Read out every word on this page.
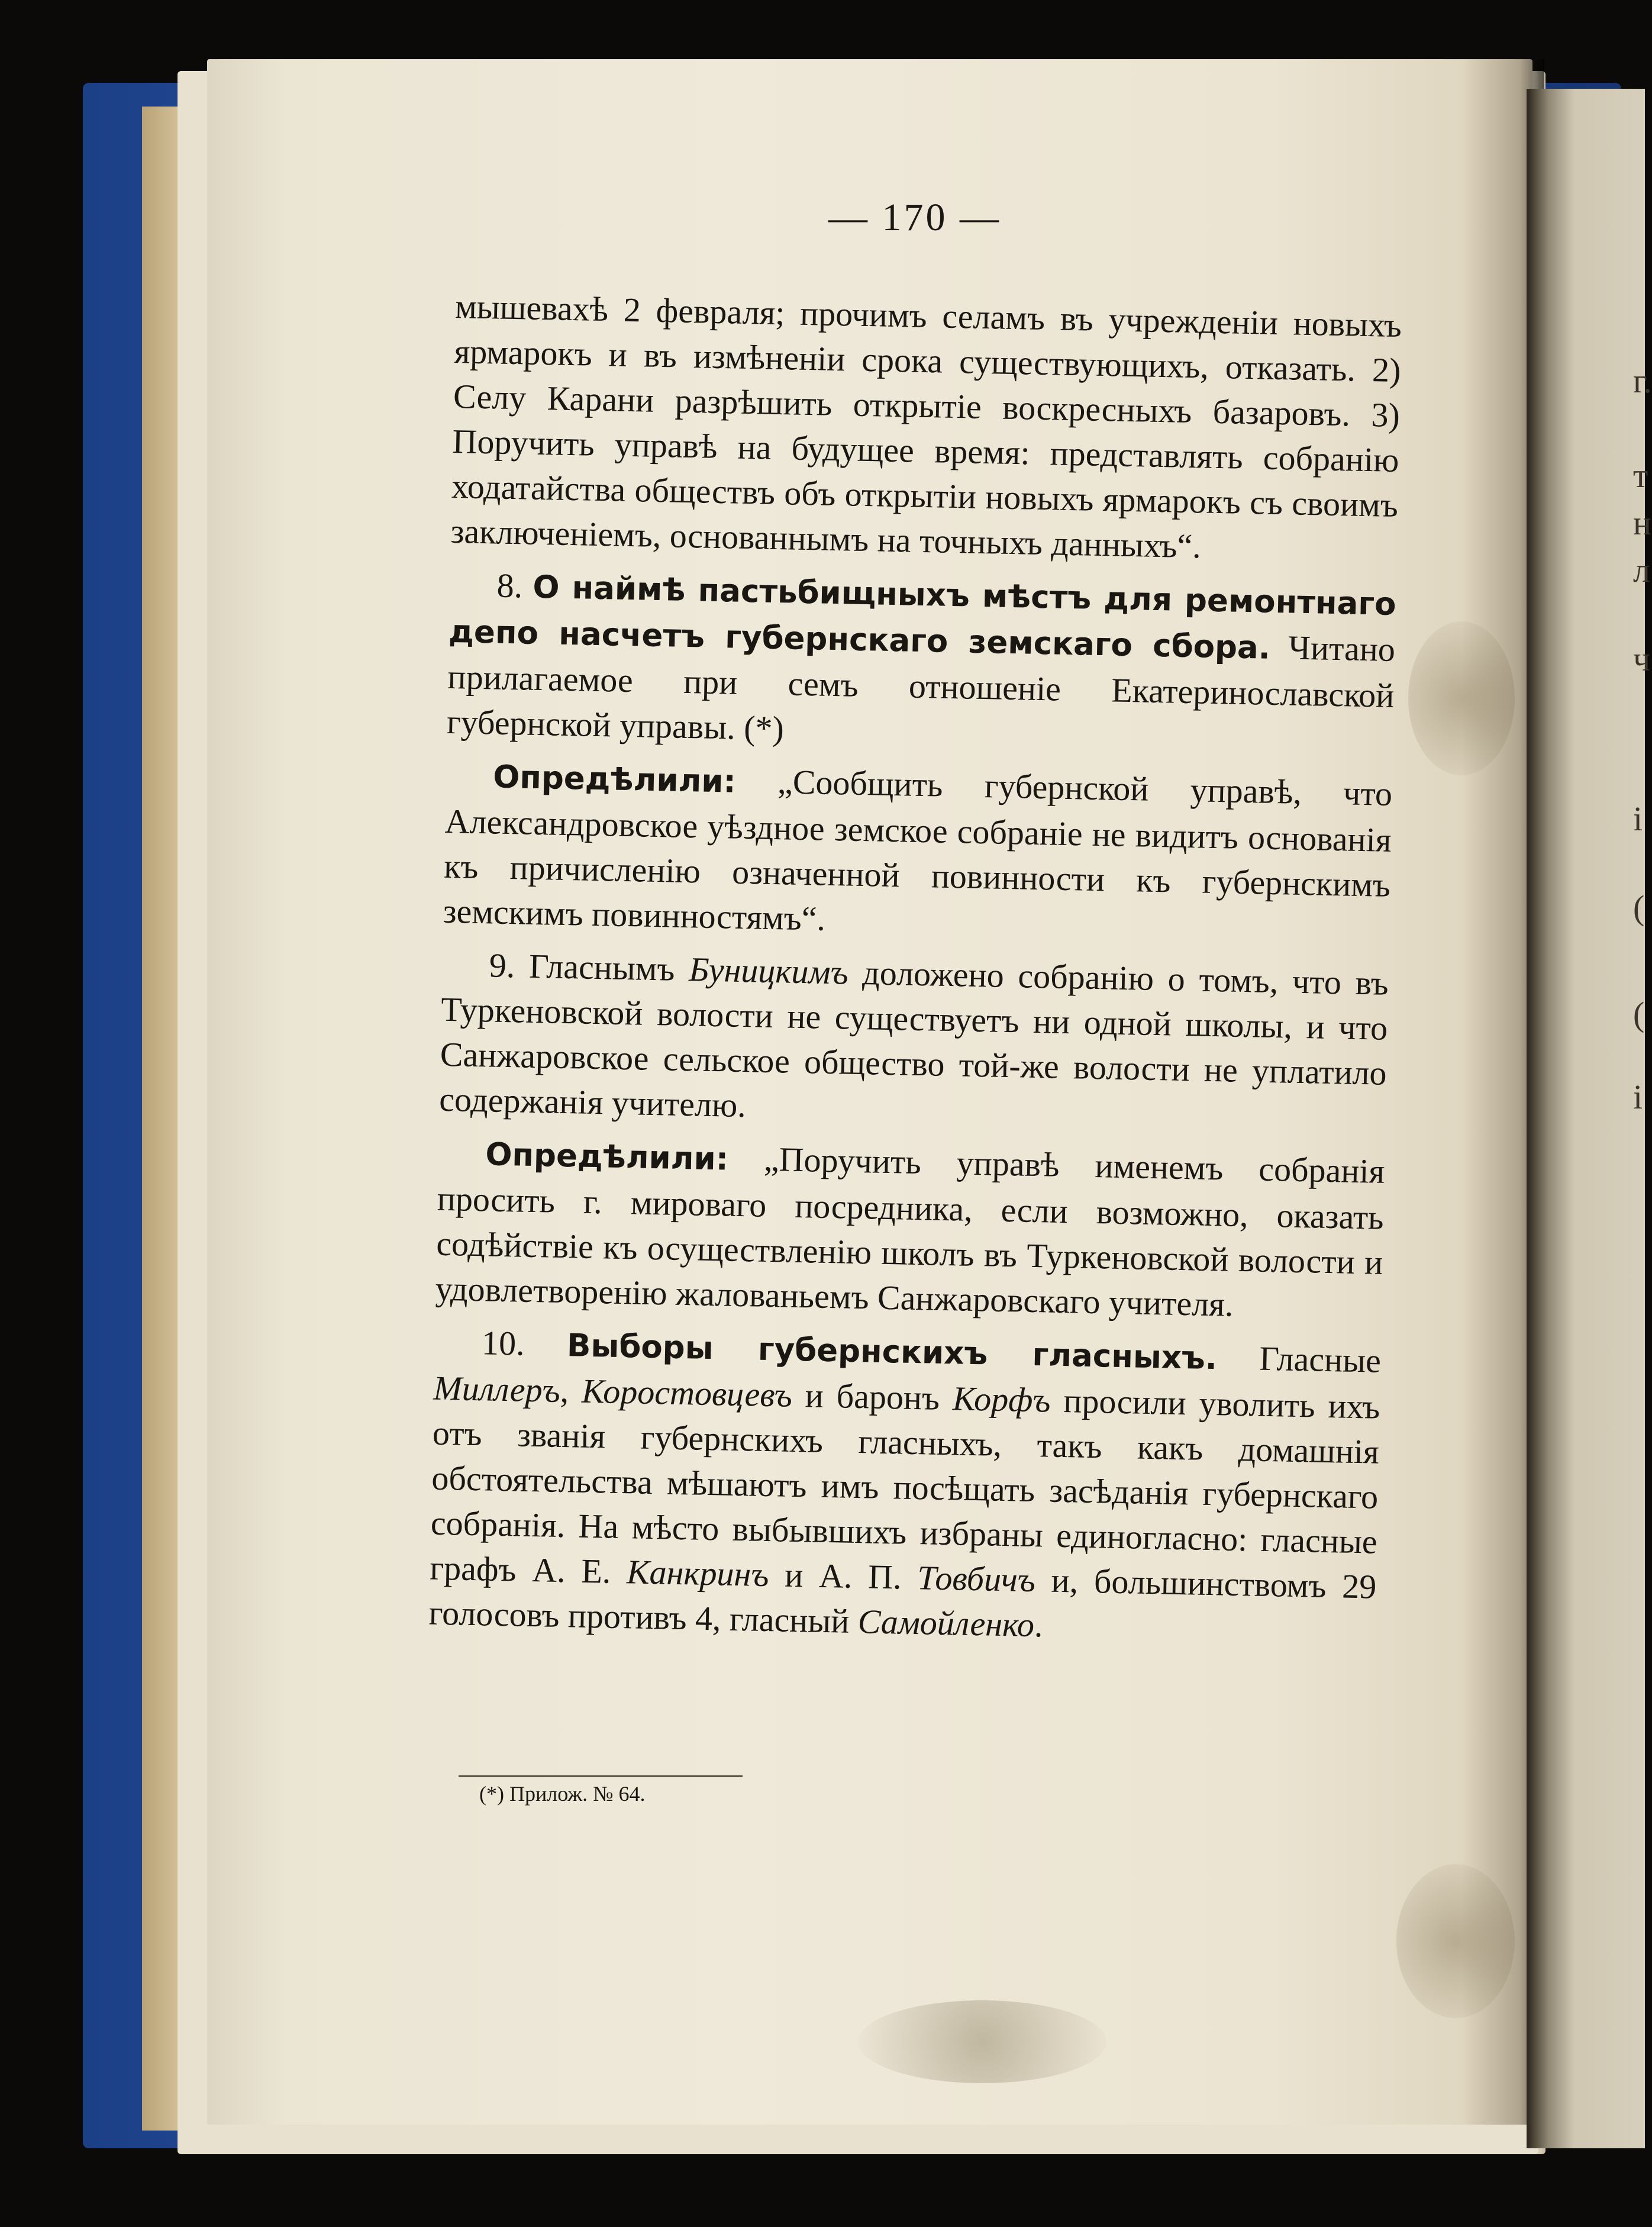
г.
т
н
л
ч
і
(
(
і
— 170 —

мышевахѣ 2 февраля; прочимъ селамъ въ учрежденіи новыхъ ярмарокъ и въ измѣненіи срока существующихъ, отказать. 2) Селу Карани разрѣшить открытіе воскресныхъ базаровъ. 3) Поручить управѣ на будущее время: представлять собранію ходатайства обществъ объ открытіи новыхъ ярмарокъ съ своимъ заключеніемъ, основаннымъ на точныхъ данныхъ“.

8. О наймѣ пастьбищныхъ мѣстъ для ремонтнаго депо насчетъ губернскаго земскаго сбора. Читано прилагаемое при семъ отношеніе Екатеринославской губернской управы. (*)

Опредѣлили: „Сообщить губернской управѣ, что Александровское уѣздное земское собраніе не видитъ основанія къ причисленію означенной повинности къ губернскимъ земскимъ повинностямъ“.

9. Гласнымъ Буницкимъ доложено собранію о томъ, что въ Туркеновской волости не существуетъ ни одной школы, и что Санжаровское сельское общество той-же волости не уплатило содержанія учителю.

Опредѣлили: „Поручить управѣ именемъ собранія просить г. мироваго посредника, если возможно, оказать содѣйствіе къ осуществленію школъ въ Туркеновской волости и удовлетворенію жалованьемъ Санжаровскаго учителя.

10. Выборы губернскихъ гласныхъ. Гласные Миллеръ, Коростовцевъ и баронъ Корфъ просили уволить ихъ отъ званія губернскихъ гласныхъ, такъ какъ домашнія обстоятельства мѣшаютъ имъ посѣщать засѣданія губернскаго собранія. На мѣсто выбывшихъ избраны единогласно: гласные графъ А. Е. Канкринъ и А. П. Товбичъ и, большинствомъ 29 голосовъ противъ 4, гласный Самойленко.

(*) Прилож. № 64.
